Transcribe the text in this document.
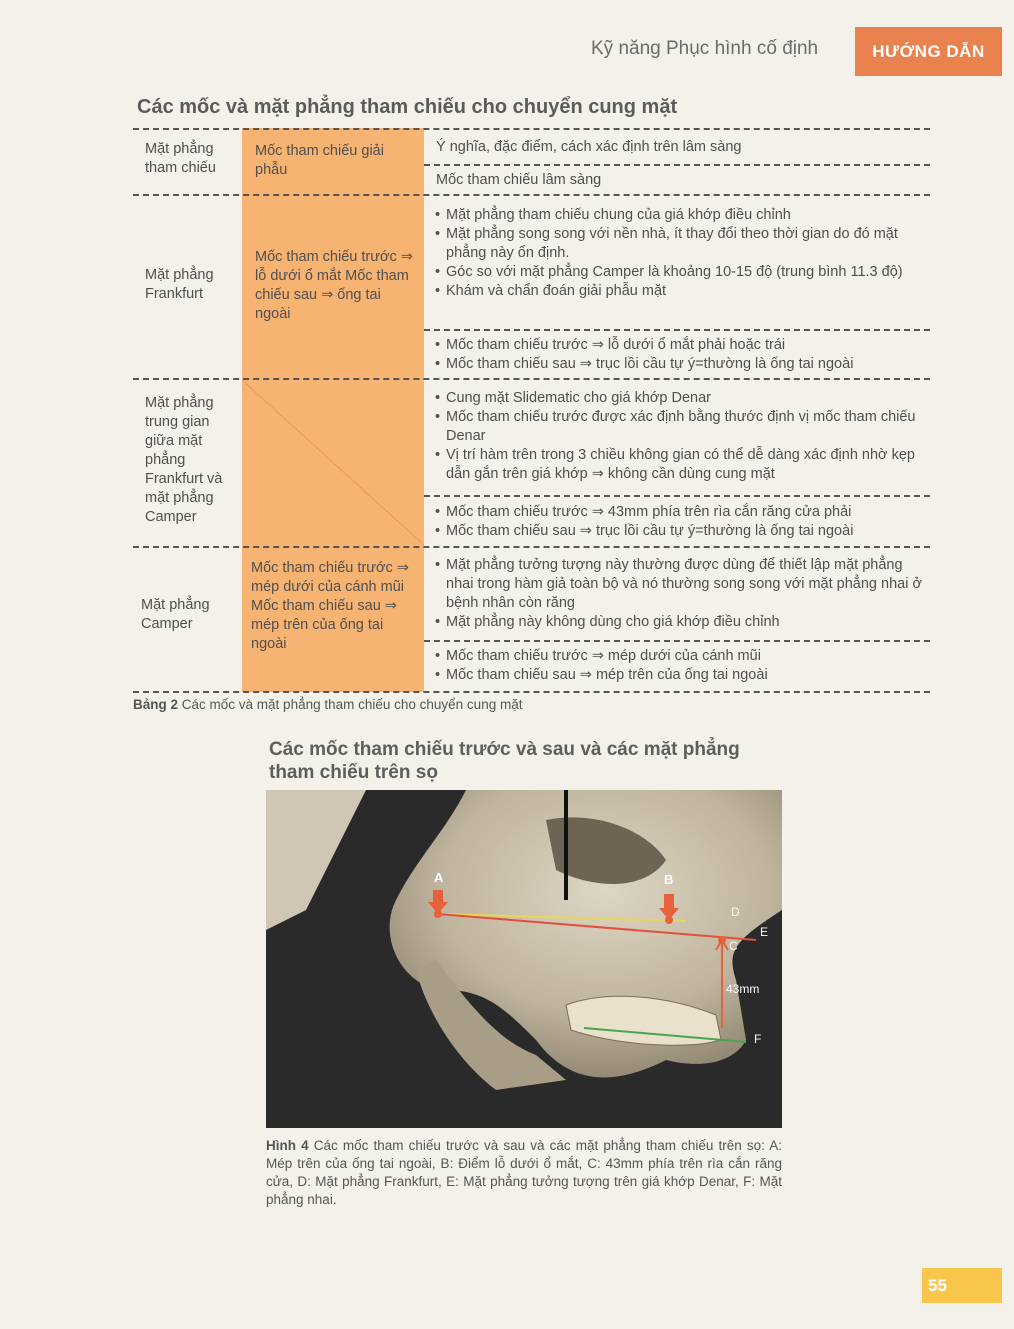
Kỹ năng Phục hình cố định	HƯỚNG DẪN
Các mốc và mặt phẳng tham chiếu cho chuyển cung mặt
Mặt phẳng tham chiếu
Mốc tham chiếu giải phẫu
Ý nghĩa, đặc điểm, cách xác định trên lâm sàng
Mốc tham chiếu lâm sàng
Mặt phẳng Frankfurt
Mốc tham chiếu trước ⇒ lỗ dưới ổ mắt Mốc tham chiếu sau ⇒ ống tai ngoài
• Mặt phẳng tham chiếu chung của giá khớp điều chỉnh
• Mặt phẳng song song với nền nhà, ít thay đổi theo thời gian do đó mặt phẳng này ổn định.
• Góc so với mặt phẳng Camper là khoảng 10-15 độ (trung bình 11.3 độ)
• Khám và chẩn đoán giải phẫu mặt
• Mốc tham chiếu trước ⇒ lỗ dưới ổ mắt phải hoặc trái
• Mốc tham chiếu sau ⇒ trục lồi cầu tự ý=thường là ống tai ngoài
Mặt phẳng trung gian giữa mặt phẳng Frankfurt và mặt phẳng Camper
• Cung mặt Slidematic cho giá khớp Denar
• Mốc tham chiếu trước được xác định bằng thước định vị mốc tham chiếu Denar
• Vị trí hàm trên trong 3 chiều không gian có thể dễ dàng xác định nhờ kẹp dẫn gắn trên giá khớp ⇒ không cần dùng cung mặt
• Mốc tham chiếu trước ⇒ 43mm phía trên rìa cắn răng cửa phải
• Mốc tham chiếu sau ⇒ trục lồi cầu tự ý=thường là ống tai ngoài
Mặt phẳng Camper
Mốc tham chiếu trước ⇒ mép dưới của cánh mũi Mốc tham chiếu sau ⇒ mép trên của ống tai ngoài
• Mặt phẳng tưởng tượng này thường được dùng để thiết lập mặt phẳng nhai trong hàm giả toàn bộ và nó thường song song với mặt phẳng nhai ở bệnh nhân còn răng
• Mặt phẳng này không dùng cho giá khớp điều chỉnh
• Mốc tham chiếu trước ⇒ mép dưới của cánh mũi
• Mốc tham chiếu sau ⇒ mép trên của ống tai ngoài
Bảng 2 Các mốc và mặt phẳng tham chiếu cho chuyển cung mặt
Các mốc tham chiếu trước và sau và các mặt phẳng tham chiếu trên sọ
A	B
C
D
E
F
43mm
Hình 4 Các mốc tham chiếu trước và sau và các mặt phẳng tham chiếu trên sọ: A: Mép trên của ống tai ngoài, B: Điểm lỗ dưới ổ mắt, C: 43mm phía trên rìa cắn răng cửa, D: Mặt phẳng Frankfurt, E: Mặt phẳng tưởng tượng trên giá khớp Denar, F: Mặt phẳng nhai.
55
